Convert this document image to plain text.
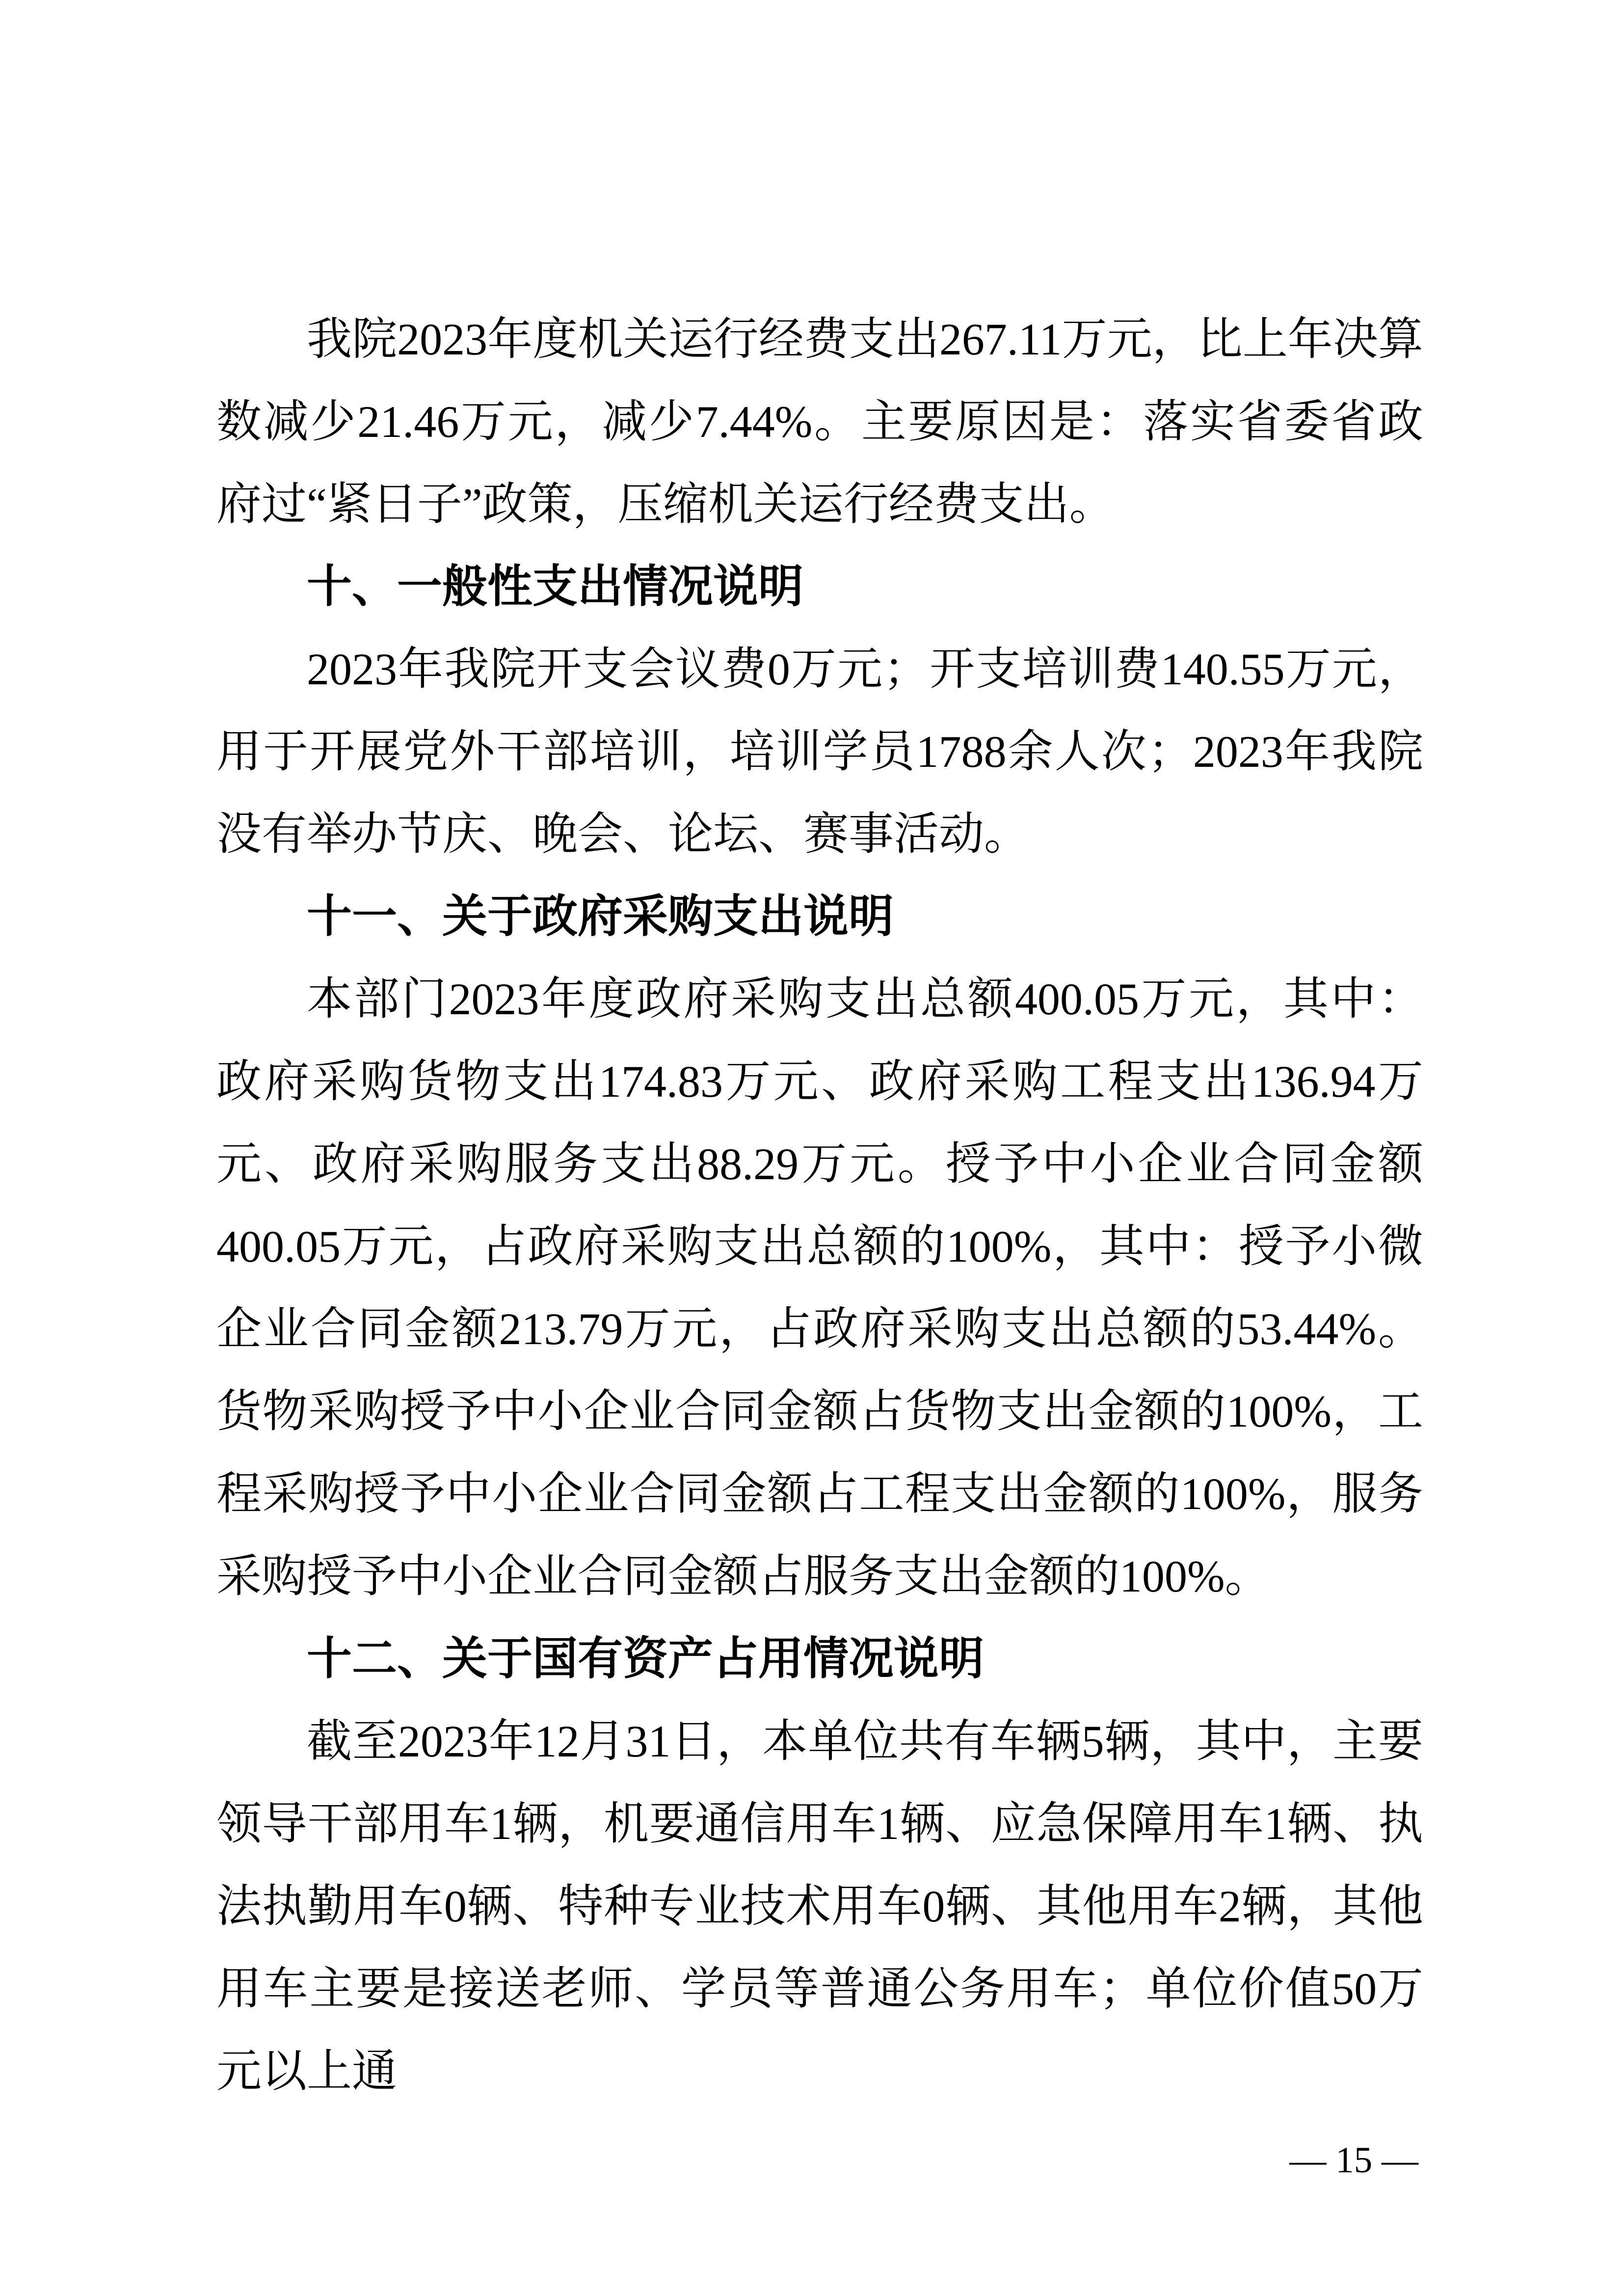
我院2023年度机关运行经费支出267.11万元，比上年决算数减少21.46万元，减少7.44%。主要原因是：落实省委省政府过“紧日子”政策，压缩机关运行经费支出。

十、一般性支出情况说明

2023年我院开支会议费0万元；开支培训费140.55万元，用于开展党外干部培训，培训学员1788余人次；2023年我院没有举办节庆、晚会、论坛、赛事活动。

十一、关于政府采购支出说明

本部门2023年度政府采购支出总额400.05万元，其中：政府采购货物支出174.83万元、政府采购工程支出136.94万元、政府采购服务支出88.29万元。授予中小企业合同金额400.05万元，占政府采购支出总额的100%，其中：授予小微企业合同金额213.79万元，占政府采购支出总额的53.44%。货物采购授予中小企业合同金额占货物支出金额的100%，工程采购授予中小企业合同金额占工程支出金额的100%，服务采购授予中小企业合同金额占服务支出金额的100%。

十二、关于国有资产占用情况说明

截至2023年12月31日，本单位共有车辆5辆，其中，主要领导干部用车1辆，机要通信用车1辆、应急保障用车1辆、执法执勤用车0辆、特种专业技术用车0辆、其他用车2辆，其他用车主要是接送老师、学员等普通公务用车；单位价值50万元以上通

— 15 —
